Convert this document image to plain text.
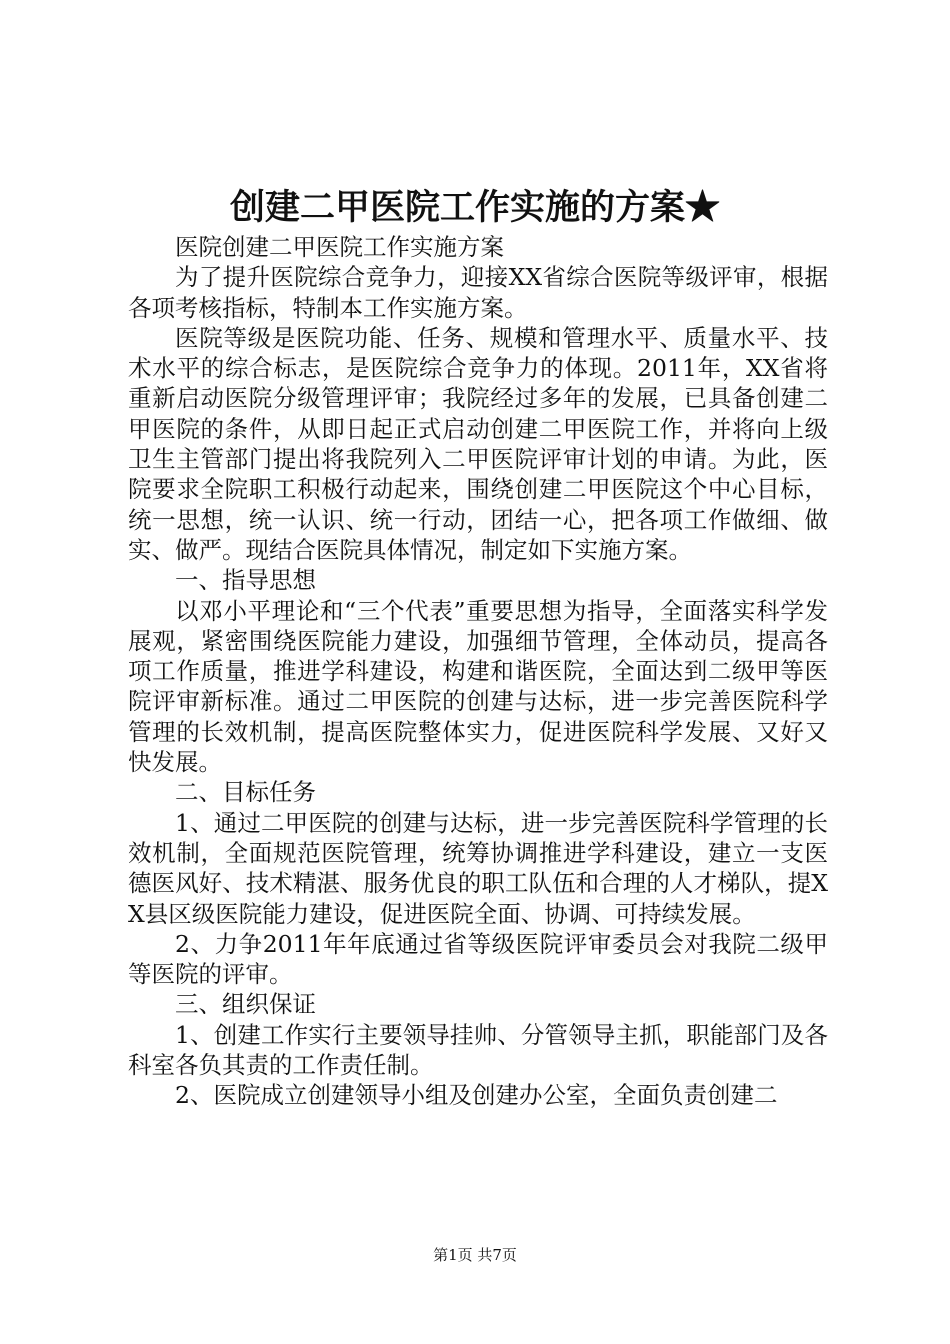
创建二甲医院工作实施的方案★

医院创建二甲医院工作实施方案

为了提升医院综合竞争力，迎接XX省综合医院等级评审，根据各项考核指标，特制本工作实施方案。

医院等级是医院功能、任务、规模和管理水平、质量水平、技术水平的综合标志，是医院综合竞争力的体现。2011年，XX省将重新启动医院分级管理评审；我院经过多年的发展，已具备创建二甲医院的条件，从即日起正式启动创建二甲医院工作，并将向上级卫生主管部门提出将我院列入二甲医院评审计划的申请。为此，医院要求全院职工积极行动起来，围绕创建二甲医院这个中心目标，统一思想，统一认识、统一行动，团结一心，把各项工作做细、做实、做严。现结合医院具体情况，制定如下实施方案。

一、指导思想

以邓小平理论和“三个代表”重要思想为指导，全面落实科学发展观，紧密围绕医院能力建设，加强细节管理，全体动员，提高各项工作质量，推进学科建设，构建和谐医院，全面达到二级甲等医院评审新标准。通过二甲医院的创建与达标，进一步完善医院科学管理的长效机制，提高医院整体实力，促进医院科学发展、又好又快发展。

二、目标任务

1、通过二甲医院的创建与达标，进一步完善医院科学管理的长效机制，全面规范医院管理，统筹协调推进学科建设，建立一支医德医风好、技术精湛、服务优良的职工队伍和合理的人才梯队，提XX县区级医院能力建设，促进医院全面、协调、可持续发展。

2、力争2011年年底通过省等级医院评审委员会对我院二级甲等医院的评审。

三、组织保证

1、创建工作实行主要领导挂帅、分管领导主抓，职能部门及各科室各负其责的工作责任制。

2、医院成立创建领导小组及创建办公室，全面负责创建二

第1页 共7页
